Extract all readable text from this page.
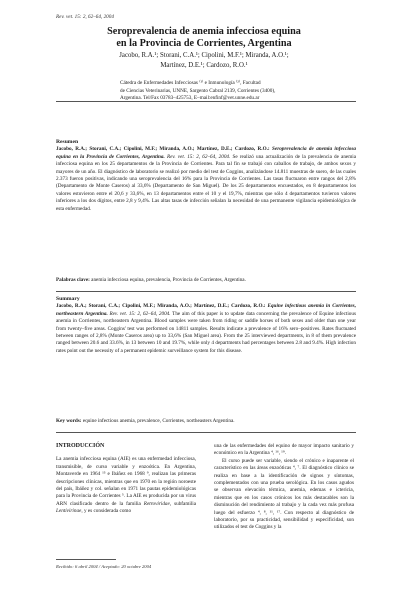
Rev. vet. 15: 2, 62–64, 2004
Seroprevalencia de anemia infecciosa equina
en la Provincia de Corrientes, Argentina
Jacobo, R.A.¹; Storani, C.A.¹; Cipolini, M.F.¹; Miranda, A.O.¹;
Martínez, D.E.¹; Cardozo, R.O.¹
Cátedra de Enfermedades Infecciosas ⁽¹⁾ e Inmunología ⁽²⁾, Facultad
de Ciencias Veterinarias, UNNE, Sargento Cabral 2139, Corrientes (3400),
Argentina. Tel/Fax 03783–425753, E–mail:enfinf@vet.unne.edu.ar
Resumen
Jacobo, R.A.; Storani, C.A.; Cipolini, M.F.; Miranda, A.O.; Martínez, D.E.; Cardozo, R.O.: Seroprevalencia de anemia infecciosa equina en la Provincia de Corrientes, Argentina. Rev. vet. 15: 2, 62–64, 2004. Se realizó una actualización de la prevalencia de anemia infecciosa equina en los 25 departamentos de la Provincia de Corrientes. Para tal fin se trabajó con caballos de trabajo, de ambos sexos y mayores de un año. El diagnóstico de laboratorio se realizó por medio del test de Coggins, analizándose 14.811 muestras de suero, de las cuales 2.373 fueron positivas, indicando una seroprevalencia del 16% para la Provincia de Corrientes. Las tasas fluctuaron entre rangos del 2,8% (Departamento de Monte Caseros) al 33,6% (Departamento de San Miguel). De los 25 departamentos encuestados, en 8 departamentos los valores estuvieron entre el 20,6 y 33,6%, en 13 departamentos entre el 10 y el 19,7%, mientras que sólo 4 departamentos tuvieron valores inferiores a los dos dígitos, entre 2,8 y 9,4%. Las altas tasas de infección señalan la necesidad de una permanente vigilancia epidemiológica de esta enfermedad.
Palabras clave: anemia infecciosa equina, prevalencia, Provincia de Corrientes, Argentina.
Summary
Jacobo, R.A.; Storani, C.A.; Cipolini, M.F.; Miranda, A.O.; Martínez, D.E.; Cardozo, R.O.: Equine infectious anemia in Corrientes, northeastern Argentina. Rev. vet. 15: 2, 62–64, 2004. The aim of this paper is to update data concerning the prevalence of Equine infectious anemia in Corrientes, northeastern Argentina. Blood samples were taken from riding or saddle horses of both sexes and older than one year from twenty–five areas. Coggins' test was performed on 14811 samples. Results indicate a prevalence of 16% sero–positives. Rates fluctuated between ranges of 2,8% (Monte Caseros area) up to 33,6% (San Miguel area). From the 25 interviewed departments, in 8 of them prevalence ranged between 20.6 and 33.6%, in 13 between 10 and 19.7%, while only 4 departments had percentages between 2.8 and 9.4%. High infection rates point out the necessity of a permanent epidemic surveillance system for this disease.
Key words: equine infectious anemia, prevalence, Corrientes, northeasters Argentina.
INTRODUCCIÓN
La anemia infecciosa equina (AIE) es una enfermedad infecciosa, transmisible, de curso variable y enzoótica. En Argentina, Montaverde en 1964 ¹⁵ e Ibáñez en 1968 ⁹, realizan las primeras descripciones clínicas, mientras que en 1970 en la región noroeste del país, Ibáñez y col. señalan en 1971 las pautas epidemiológicas para la Provincia de Corrientes ⁵. La AIE es producida por un virus ARN clasificado dentro de la familia Retroviridae, subfamilia Lentivirinae, y es considerada como
una de las enfermedades del equino de mayor impacto sanitario y económico en la Argentina ⁴, ¹⁶, ¹⁹.
El curso puede ser variable, siendo el crónico e inaparente el característico en las áreas enzoóticas ⁴, ⁷. El diagnóstico clínico se realiza en base a la identificación de signos y síntomas, complementados con una prueba serológica. En los casos agudos se observan elevación térmica, anemia, edemas e ictericia, mientras que en los casos crónicos los más destacables son la disminución del rendimiento al trabajo y la cada vez más profusa luego del esfuerzo ⁴, ⁸, ¹¹, ¹⁷. Con respecto al diagnóstico de laboratorio, por su practicidad, sensibilidad y especificidad, son utilizados el test de Coggins y la
Recibido: 6 abril 2004 / Aceptado: 20 octubre 2004
